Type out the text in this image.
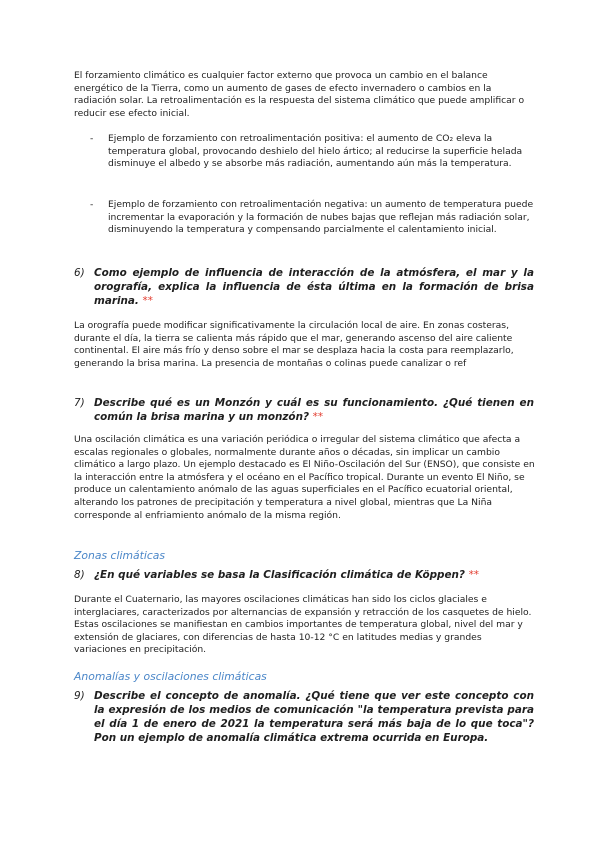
El forzamiento climático es cualquier factor externo que provoca un cambio en el balance energético de la Tierra, como un aumento de gases de efecto invernadero o cambios en la radiación solar. La retroalimentación es la respuesta del sistema climático que puede amplificar o reducir ese efecto inicial.

- Ejemplo de forzamiento con retroalimentación positiva: el aumento de CO₂ eleva la temperatura global, provocando deshielo del hielo ártico; al reducirse la superficie helada disminuye el albedo y se absorbe más radiación, aumentando aún más la temperatura.
- Ejemplo de forzamiento con retroalimentación negativa: un aumento de temperatura puede incrementar la evaporación y la formación de nubes bajas que reflejan más radiación solar, disminuyendo la temperatura y compensando parcialmente el calentamiento inicial.
6) Como ejemplo de influencia de interacción de la atmósfera, el mar y la orografía, explica la influencia de ésta última en la formación de brisa marina. **

La orografía puede modificar significativamente la circulación local de aire. En zonas costeras, durante el día, la tierra se calienta más rápido que el mar, generando ascenso del aire caliente continental. El aire más frío y denso sobre el mar se desplaza hacia la costa para reemplazarlo, generando la brisa marina. La presencia de montañas o colinas puede canalizar o ref

7) Describe qué es un Monzón y cuál es su funcionamiento. ¿Qué tienen en común la brisa marina y un monzón? **

Una oscilación climática es una variación periódica o irregular del sistema climático que afecta a escalas regionales o globales, normalmente durante años o décadas, sin implicar un cambio climático a largo plazo. Un ejemplo destacado es El Niño-Oscilación del Sur (ENSO), que consiste en la interacción entre la atmósfera y el océano en el Pacífico tropical. Durante un evento El Niño, se produce un calentamiento anómalo de las aguas superficiales en el Pacífico ecuatorial oriental, alterando los patrones de precipitación y temperatura a nivel global, mientras que La Niña corresponde al enfriamiento anómalo de la misma región.

Zonas climáticas
8) ¿En qué variables se basa la Clasificación climática de Köppen? **

Durante el Cuaternario, las mayores oscilaciones climáticas han sido los ciclos glaciales e interglaciares, caracterizados por alternancias de expansión y retracción de los casquetes de hielo. Estas oscilaciones se manifiestan en cambios importantes de temperatura global, nivel del mar y extensión de glaciares, con diferencias de hasta 10-12 °C en latitudes medias y grandes variaciones en precipitación.

Anomalías y oscilaciones climáticas
9) Describe el concepto de anomalía. ¿Qué tiene que ver este concepto con la expresión de los medios de comunicación "la temperatura prevista para el día 1 de enero de 2021 la temperatura será más baja de lo que toca"? Pon un ejemplo de anomalía climática extrema ocurrida en Europa.
